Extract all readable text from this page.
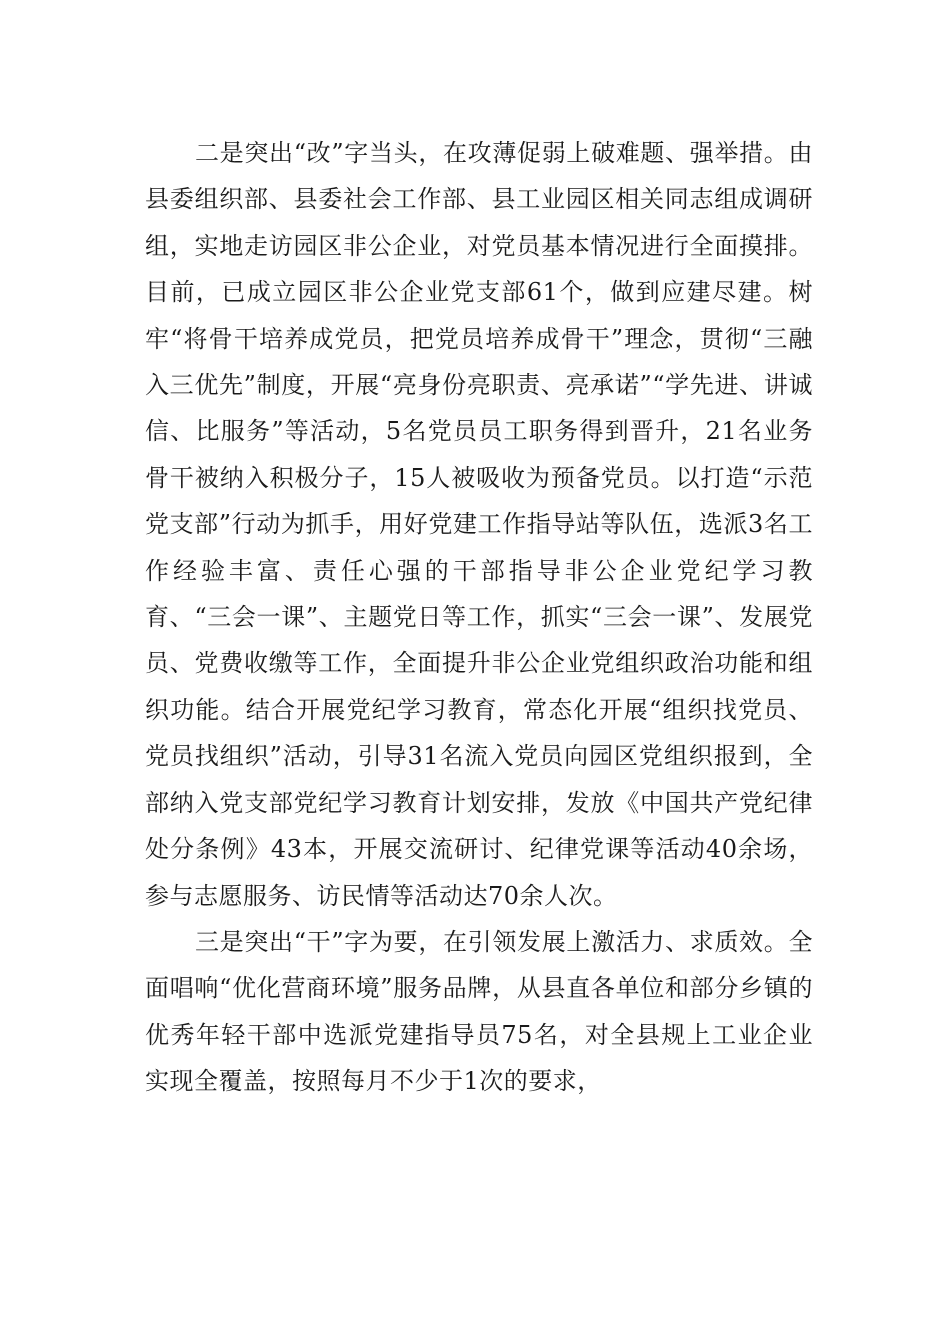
二是突出“改”字当头，在攻薄促弱上破难题、强举措。由县委组织部、县委社会工作部、县工业园区相关同志组成调研组，实地走访园区非公企业，对党员基本情况进行全面摸排。目前，已成立园区非公企业党支部61个，做到应建尽建。树牢“将骨干培养成党员，把党员培养成骨干”理念，贯彻“三融入三优先”制度，开展“亮身份亮职责、亮承诺”“学先进、讲诚信、比服务”等活动，5名党员员工职务得到晋升，21名业务骨干被纳入积极分子，15人被吸收为预备党员。以打造“示范党支部”行动为抓手，用好党建工作指导站等队伍，选派3名工作经验丰富、责任心强的干部指导非公企业党纪学习教育、“三会一课”、主题党日等工作，抓实“三会一课”、发展党员、党费收缴等工作，全面提升非公企业党组织政治功能和组织功能。结合开展党纪学习教育，常态化开展“组织找党员、党员找组织”活动，引导31名流入党员向园区党组织报到，全部纳入党支部党纪学习教育计划安排，发放《中国共产党纪律处分条例》43本，开展交流研讨、纪律党课等活动40余场，参与志愿服务、访民情等活动达70余人次。

三是突出“干”字为要，在引领发展上激活力、求质效。全面唱响“优化营商环境”服务品牌，从县直各单位和部分乡镇的优秀年轻干部中选派党建指导员75名，对全县规上工业企业实现全覆盖，按照每月不少于1次的要求，
